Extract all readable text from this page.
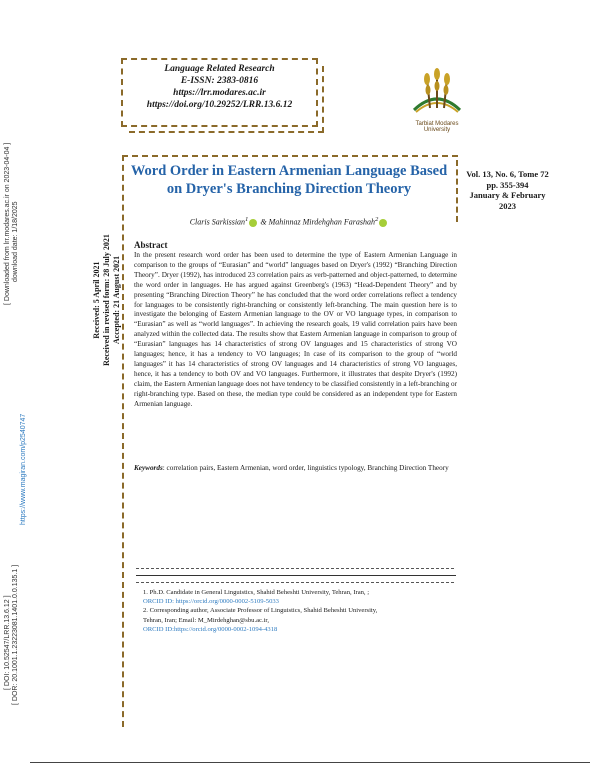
Language Related Research

E-ISSN: 2383-0816

https://lrr.modares.ac.ir

https://doi.org/10.29252/LRR.13.6.12

Tarbiat Modares
University
Word Order in Eastern Armenian Language Based on Dryer's Branching Direction Theory

Vol. 13, No. 6, Tome 72

pp. 355-394

January & February

2023

Claris Sarkissian$^1$ & Mahinnaz Mirdehghan Farashah$^2$
Received: 5 April 2021 Received in revised form: 28 July 2021 Accepted: 21 August 2021
Abstract
In the present research word order has been used to determine the type of Eastern Armenian Language in comparison to the groups of “Eurasian” and “world” languages based on Dryer's (1992) “Branching Direction Theory”. Dryer (1992), has introduced 23 correlation pairs as verb-patterned and object-patterned, to determine the word order in languages. He has argued against Greenberg's (1963) “Head-Dependent Theory” and by presenting “Branching Direction Theory” he has concluded that the word order correlations reflect a tendency for languages to be consistently right-branching or consistently left-branching. The main question here is to investigate the belonging of Eastern Armenian language to the OV or VO language types, in comparison to “Eurasian” as well as “world languages”. In achieving the research goals, 19 valid correlation pairs have been analyzed within the collected data. The results show that Eastern Armenian language in comparison to group of “Eurasian” languages has 14 characteristics of strong OV languages and 15 characteristics of strong VO languages; hence, it has a tendency to VO languages; In case of its comparison to the group of “world languages” it has 14 characteristics of strong OV languages and 14 characteristics of strong VO languages, hence, it has a tendency to both OV and VO languages. Furthermore, it illustrates that despite Dryer's (1992) claim, the Eastern Armenian language does not have tendency to be classified consistently in a left-branching or right-branching type. Based on these, the median type could be considered as an independent type for Eastern Armenian language.
Keywords: correlation pairs, Eastern Armenian, word order, linguistics typology, Branching Direction Theory
1. Ph.D. Candidate in General Linguistics, Shahid Beheshti University, Tehran, Iran, ;
ORCID ID: https://orcid.org/0000-0002-5109-5033
2. Corresponding author, Associate Professor of Linguistics, Shahid Beheshti University,
Tehran, Iran; Email: M_Mirdehghan@sbu.ac.ir,
ORCID ID:https://orcid.org/0000-0002-1094-4318
[ DOI: 10.52547/LRR.13.6.12 ] [ DOR: 20.1001.1.23223081.1401.0.0.135.1 ]
https://www.magiran.com/p2540747
[ Downloaded from lrr.modares.ac.ir on 2023-04-04 ] download date: 1/18/2025
